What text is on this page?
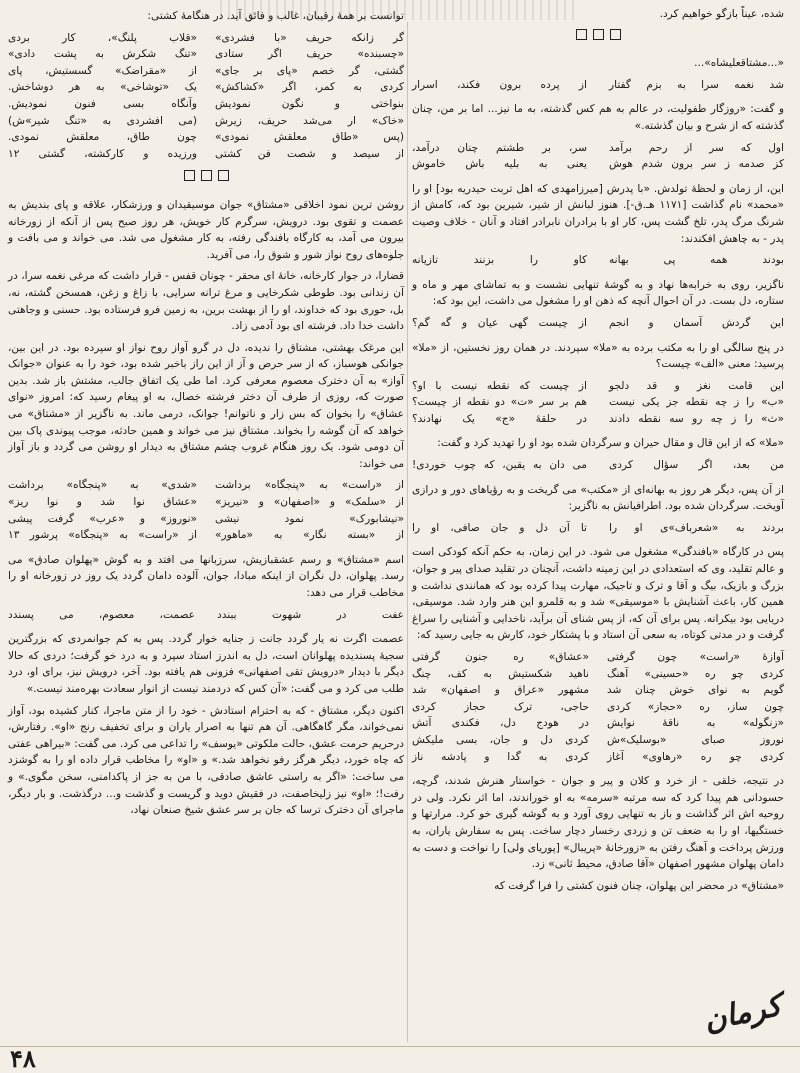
شده، عیناً بازگو خواهیم کرد.

«...مشتاقعلیشاه»...

شد نغمه سرا به بزم گفتار
از پرده برون فکند، اسرار

و گفت: «روزگار طفولیت، در عالم به هم کس گذشته، به ما نیز... اما بر من، چنان گذشته که از شرح و بیان گذشته.»

اول که سر از رحم برآمد
سر، بر طشتم چنان درآمد،
کز صدمه ز سر برون شدم هوش
یعنی به بلیه باش خاموش

این، از زمان و لحظهٔ تولدش. «با پدرش [میرزامهدی که اهل تربت حیدریه بود] او را «محمد» نام گذاشت [۱۱۷۱ هـ.ق-]. هنوز لبانش از شیر، شیرین بود که، کامش از شرنگ مرگ پدر، تلخ گشت پس، کار او با برادران نابرادر افتاد و آنان - خلاف وصیت پدر - به چاهش افکندند:

بودند همه پی بهانه
کاو را بزنند تازیانه

ناگزیر، روی به خرابه‌ها نهاد و به گوشهٔ تنهایی نشست و به تماشای مهر و ماه و ستاره، دل بست. در آن احوال آنچه که ذهن او را مشغول می داشت، این بود که:

این گردش آسمان و انجم
از چیست گهی عیان و گه گم؟

در پنج سالگی او را به مکتب برده به «ملا» سپردند. در همان روز نخستین، از «ملا» پرسید: معنی «الف» چیست؟

این قامت نغز و قد دلجو
از چیست که نقطه نیست با او؟
«ب» را ز چه نقطه جز یکی نیست
هم بر سر «ت» دو نقطه از چیست؟
«ث» را ز چه رو سه نقطه دادند
در حلقهٔ «ج» یک نهادند؟

«ملا» که از این قال و مقال حیران و سرگردان شده بود او را تهدید کرد و گفت:

من بعد، اگر سؤال کردی
می دان به یقین، که چوب خوردی!

از آن پس، دیگر هر روز به بهانه‌ای از «مکتب» می گریخت و به رؤیاهای دور و درازی آویخت. سرگردان شده بود. اطرافیانش به ناگزیر:

بردند به «شعرباف»ی او را
تا آن دل و جان صافی، او را

پس در کارگاه «بافندگی» مشغول می شود. در این زمان، به حکم آنکه کودکی است و عالم تقلید، وی که استعدادی در این زمینه داشت، آنچنان در تقلید صدای پیر و جوان، بزرگ و بازیک، بیگ و آقا و ترک و تاجیک، مهارت پیدا کرده بود که همانندی نداشت و همین کار، باعث آشنایش با «موسیقی» شد و به قلمرو این هنر وارد شد. موسیقی، دریایی بود بیکرانه. پس برای آن که، از پس شنای آن برآید، ناخدایی و آشنایی را سراغ گرفت و در مدتی کوتاه، به سعی آن استاد و با پشتکار خود، کارش به جایی رسید که:

آوازهٔ «راست» چون گرفتی
«عشاق» ره جنون گرفتی
کردی چو ره «حسینی» آهنگ
ناهید شکستیش به کف، چنگ
گویم به نوای خوش چنان شد
مشهور «عراق و اصفهان» شد
چون ساز، ره «حجاز» کردی
حاجی، ترک حجاز کردی
«زنگوله» به ناقهٔ نوایش
در هودج دل، فکندی آتش
نوروز صبای «بوسلیک»ش
کردی دل و جان، بسی ملیکش
کردی چو ره «رهاوی» آغاز
کردی به گدا و پادشه ناز

در نتیجه، خلقی - از خرد و کلان و پیر و جوان - خواستار هنرش شدند، گرچه، حسودانی هم پیدا کرد که سه مرتبه «سرمه» به او خوراندند، اما اثر نکرد. ولی در روحیه اش اثر گذاشت و باز به تنهایی روی آورد و به گوشه گیری خو کرد. مرارتها و خستگیها، او را به ضعف تن و زردی رخسار دچار ساخت. پس به سفارش یاران، به ورزش پرداخت و آهنگ رفتن به «زورخانهٔ «پریبال» [پوریای ولی] را نواخت و دست به دامان پهلوان مشهور اصفهان «آقا صادق، محیط ثانی» زد.

«مشتاق» در محضر این پهلوان، چنان فنون کشتی را فرا گرفت که

توانست بر همهٔ رقیبان، غالب و فائق آید. در هنگامهٔ کشتی:

گر زانکه حریف «با فشردی»
«قلاب پلنگ»، کار بردی
«چسبنده» حریف اگر ستادی
«تنگ شکرش به پشت دادی»
گشتی، گر خصم «پای بر جای»
از «مقراضک» گسستیش، پای
کردی به کمر، اگر «کشاکش»
یک «توشاخی» به هر دوشاخش.
بنواختی و نگون نمودیش
وآنگاه بسی فنون نمودیش.
«خاک» ار می‌شد حریف، زیرش
(می افشردی به «تنگ شیر»ش)
(پس «طاق معلقش نمودی»
چون طاق، معلقش نمودی.
از سیصد و شصت فن کشتی
ورزیده و کارکشته، گشتی ۱۲

روشن ترین نمود اخلاقی «مشتاق» جوان موسیقیدان و ورزشکار، علاقه و پای بندیش به عصمت و تقوی بود. درویش، سرگرم کار خویش، هر روز صبح پس از آنکه از زورخانه بیرون می آمد، به کارگاه بافندگی رفته، به کار مشغول می شد. می خواند و می بافت و جلوه‌های روح نواز شور و شوق را، می آفرید.

قضارا، در جوار کارخانه، خانهٔ ای محقر - چونان قفس - قرار داشت که مرغی نغمه سرا، در آن زندانی بود. طوطی شکرخایی و مرغ ترانه سرایی، با زاغ و زغن، همسخن گشته، نه، بل، حوری بود که خداوند، او را از بهشت برین، به زمین فرو فرستاده بود. حسنی و وجاهتی داشت خدا داد. فرشته ای بود آدمی زاد.

این مرغک بهشتی، مشتاق را ندیده، دل در گرو آواز روح نواز او سپرده بود. در این بین، جوانکی هوسباز، که از سر حرص و آز از این راز باخبر شده بود، خود را به عنوان «جوانک آواز» به آن دخترک معصوم معرفی کرد. اما طی یک اتفاق جالب، مشتش باز شد. بدین صورت که، روزی از طرف آن دختر فرشته خصال، به او پیغام رسید که: امروز «نوای عشاق» را بخوان که بس زار و ناتوانم! جوانک، درمی ماند. به ناگزیر از «مشتاق» می خواهد که آن گوشه را بخواند. مشتاق نیز می خواند و همین حادثه، موجب پیوندی پاک بین آن دومی شود. یک روز هنگام غروب چشم مشتاق به دیدار او روشن می گردد و باز آواز می خواند:

از «راست» به «پنجگاه» برداشت
«شدی» به «پنجگاه» برداشت
از «سلمک» و «اصفهان» و «نیریز»
«عشاق نوا شد و نوا ریز»
«نیشابورک» نمود نیشی
«نوروز» و «عرب» گرفت پیشی
از «بسته نگار» به «ماهور»
از «راست» به «پنجگاه» پرشور ۱۳

اسم «مشتاق» و رسم عشقبازیش، سرزبانها می افتد و به گوش «پهلوان صادق» می رسد. پهلوان، دل نگران از اینکه مبادا، جوان، آلوده دامان گردد یک روز در زورخانه او را مخاطب قرار می دهد:

عفت در شهوت ببندد
عصمت، معصوم، می پسندد

عصمت اگرت نه یار گردد جانت ز جنایه خوار گردد. پس به کم جوانمردی که بزرگترین سجیهٔ پسندیده پهلوانان است، دل به اندرز استاد سپرد و به درد خو گرفت؛ دردی که حالا دیگر با دیدار «درویش تقی اصفهانی» فزونی هم یافته بود. آخر، درویش نیز، برای او، درد طلب می کرد و می گفت: «آن کس که دردمند نیست از انوار سعادت بهره‌مند نیست.»

اکنون دیگر، مشتاق - که به احترام استادش - خود را از متن ماجرا، کنار کشیده بود، آواز نمی‌خواند، مگر گاهگاهی. آن هم تنها به اصرار یاران و برای تخفیف رنج «او». رفتارش، درحریم حرمت عشق، حالت ملکوتی «یوسف» را تداعی می کرد. می گفت: «بیراهی عفتی که چاه خورد، دیگر هرگز رفو نخواهد شد.» و «او» را مخاطب قرار داده او را به گوشزد می ساخت: «اگر به راستی عاشق صادقی، با من به جز از پاکدامنی، سخن مگوی.» و رفت!؛ «او» نیز زلیخاصفت، در فقیش دوید و گریست و گذشت و... درگذشت. و بار دیگر، ماجرای آن دخترک ترسا که جان بر سر عشق شیخ صنعان نهاد،

۴۸
کرمان
